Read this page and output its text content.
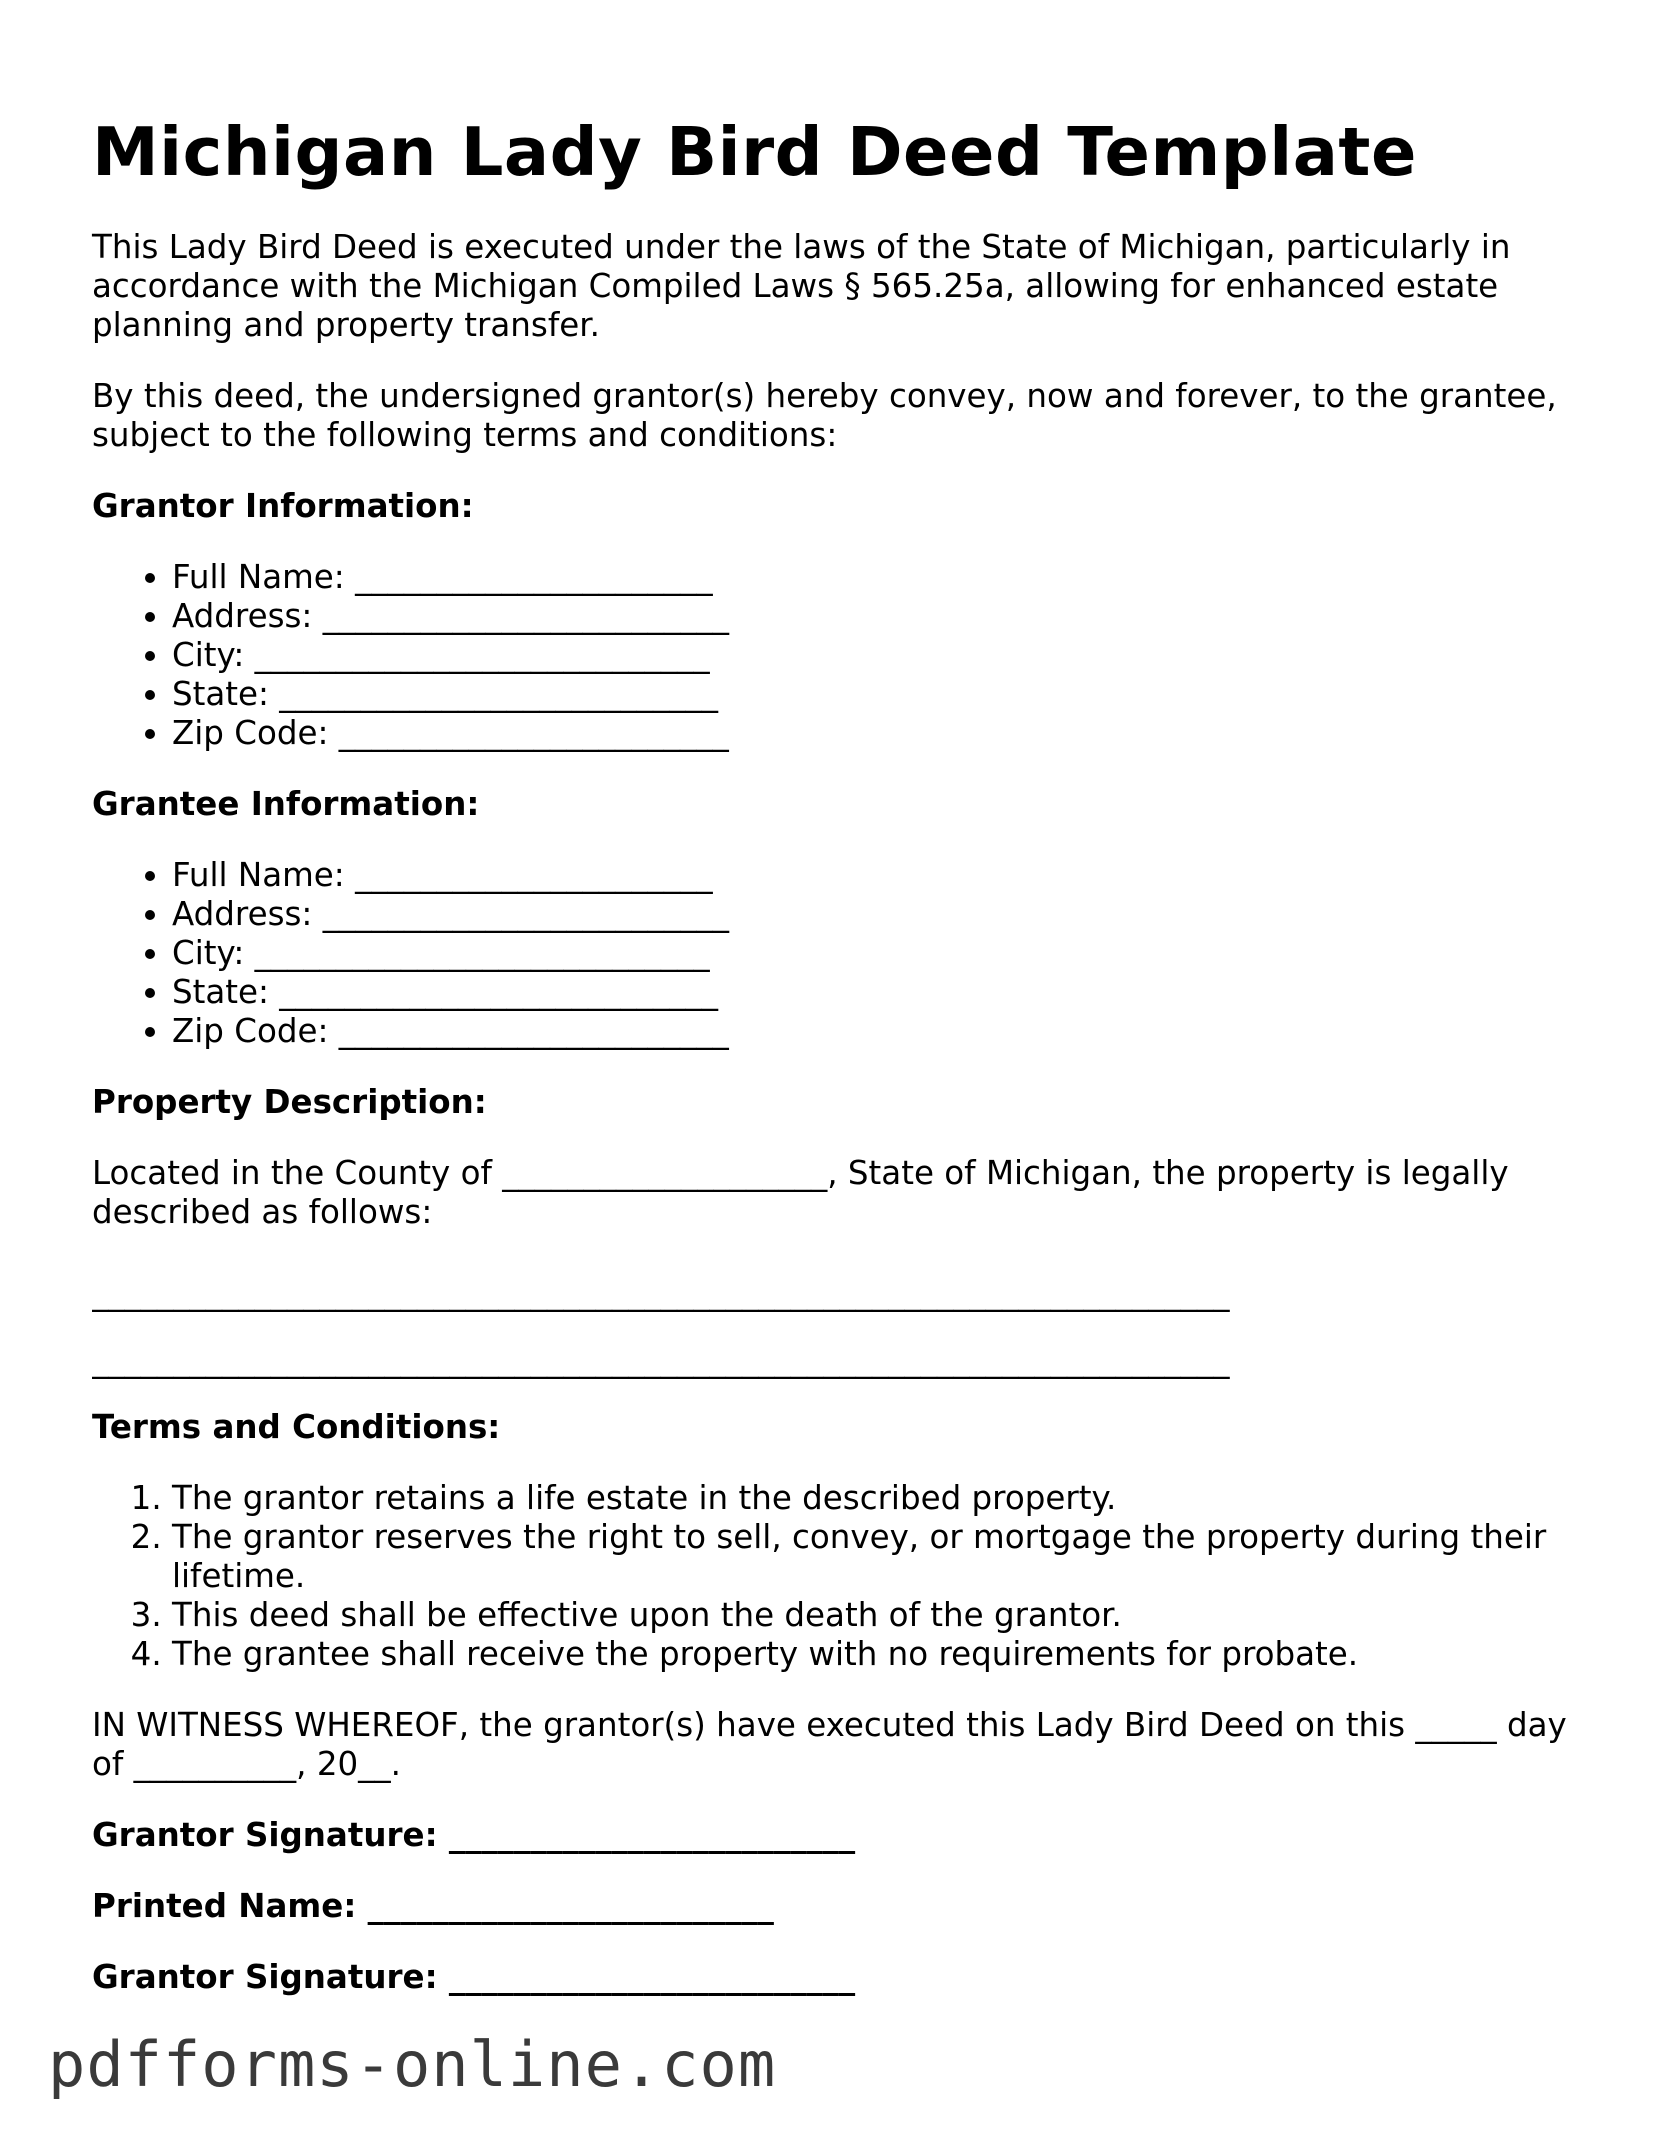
Michigan Lady Bird Deed Template

This Lady Bird Deed is executed under the laws of the State of Michigan, particularly in accordance with the Michigan Compiled Laws § 565.25a, allowing for enhanced estate planning and property transfer.

By this deed, the undersigned grantor(s) hereby convey, now and forever, to the grantee, subject to the following terms and conditions:

Grantor Information:
• Full Name: ______________________
• Address: _________________________
• City: ____________________________
• State: ___________________________
• Zip Code: ________________________
Grantee Information:
• Full Name: ______________________
• Address: _________________________
• City: ____________________________
• State: ___________________________
• Zip Code: ________________________
Property Description:

Located in the County of ____________________, State of Michigan, the property is legally described as follows:

______________________________________________________________________
______________________________________________________________________
Terms and Conditions:
1. The grantor retains a life estate in the described property.
2. The grantor reserves the right to sell, convey, or mortgage the property during their lifetime.
3. This deed shall be effective upon the death of the grantor.
4. The grantee shall receive the property with no requirements for probate.

IN WITNESS WHEREOF, the grantor(s) have executed this Lady Bird Deed on this _____ day of __________, 20__.

Grantor Signature: _________________________
Printed Name: _________________________
Grantor Signature: _________________________
pdfforms-online.com
